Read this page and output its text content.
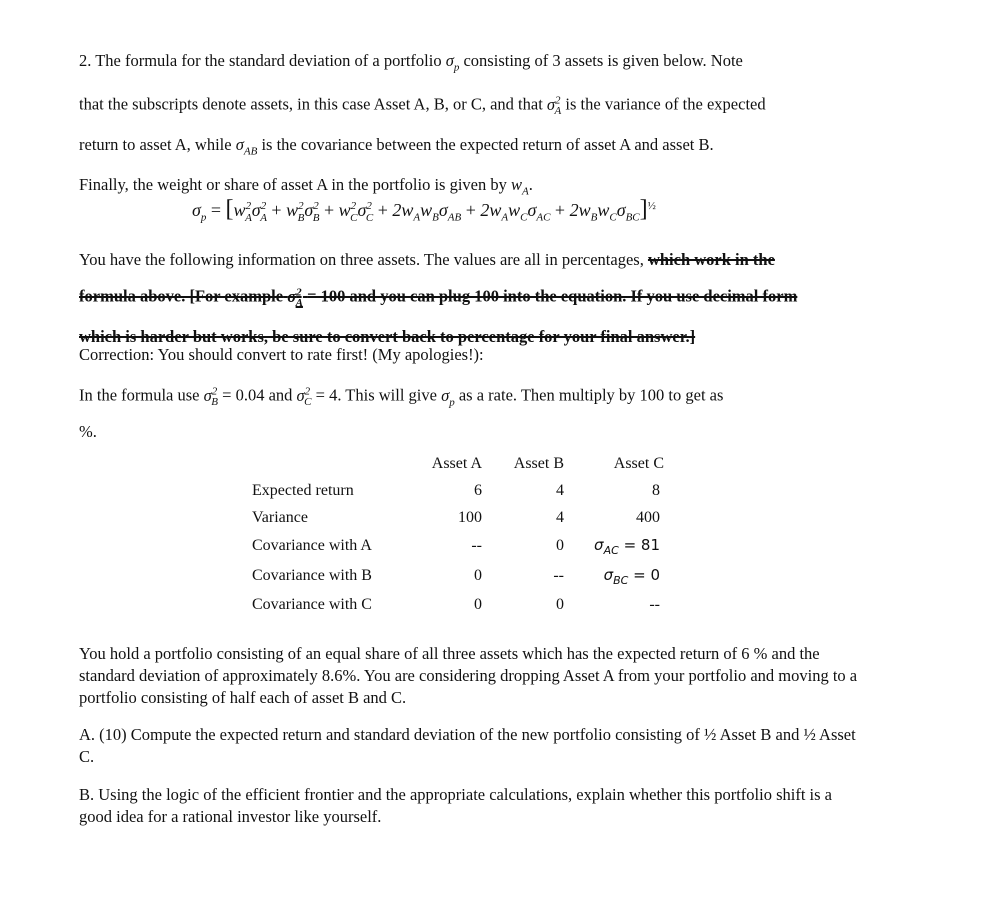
2. The formula for the standard deviation of a portfolio $\sigma_p$ consisting of 3 assets is given below. Note
that the subscripts denote assets, in this case Asset A, B, or C, and that $\sigma^2_A$ is the variance of the expected
return to asset A, while $\sigma_{AB}$ is the covariance between the expected return of asset A and asset B.
Finally, the weight or share of asset A in the portfolio is given by $w_A$.
$\sigma_p = [w^2_A\sigma^2_A + w^2_B\sigma^2_B + w^2_C\sigma^2_C + 2w_Aw_B\sigma_{AB} + 2w_Aw_C\sigma_{AC} + 2w_Bw_C\sigma_{BC}]^{\frac{1}{2}}$
You have the following information on three assets. The values are all in percentages, which work in the
formula above. [For example $\sigma^2_A = 100$ and you can plug 100 into the equation. If you use decimal form
which is harder but works, be sure to convert back to percentage for your final answer.]
Correction: You should convert to rate first! (My apologies!):
In the formula use $\sigma^2_B = 0.04$ and $\sigma^2_C = 4$. This will give $\sigma_p$ as a rate. Then multiply by 100 to get as
%.
	Asset A	Asset B	Asset C
Expected return	6	4	8
Variance	100	4	400
Covariance with A	--	0	$\sigma_{AC} = 81$
Covariance with B	0	--	$\sigma_{BC} = 0$
Covariance with C	0	0	--
You hold a portfolio consisting of an equal share of all three assets which has the expected return of 6 % and the standard deviation of approximately 8.6%. You are considering dropping Asset A from your portfolio and moving to a portfolio consisting of half each of asset B and C.
A. (10) Compute the expected return and standard deviation of the new portfolio consisting of ½ Asset B and ½ Asset C.
B. Using the logic of the efficient frontier and the appropriate calculations, explain whether this portfolio shift is a good idea for a rational investor like yourself.
